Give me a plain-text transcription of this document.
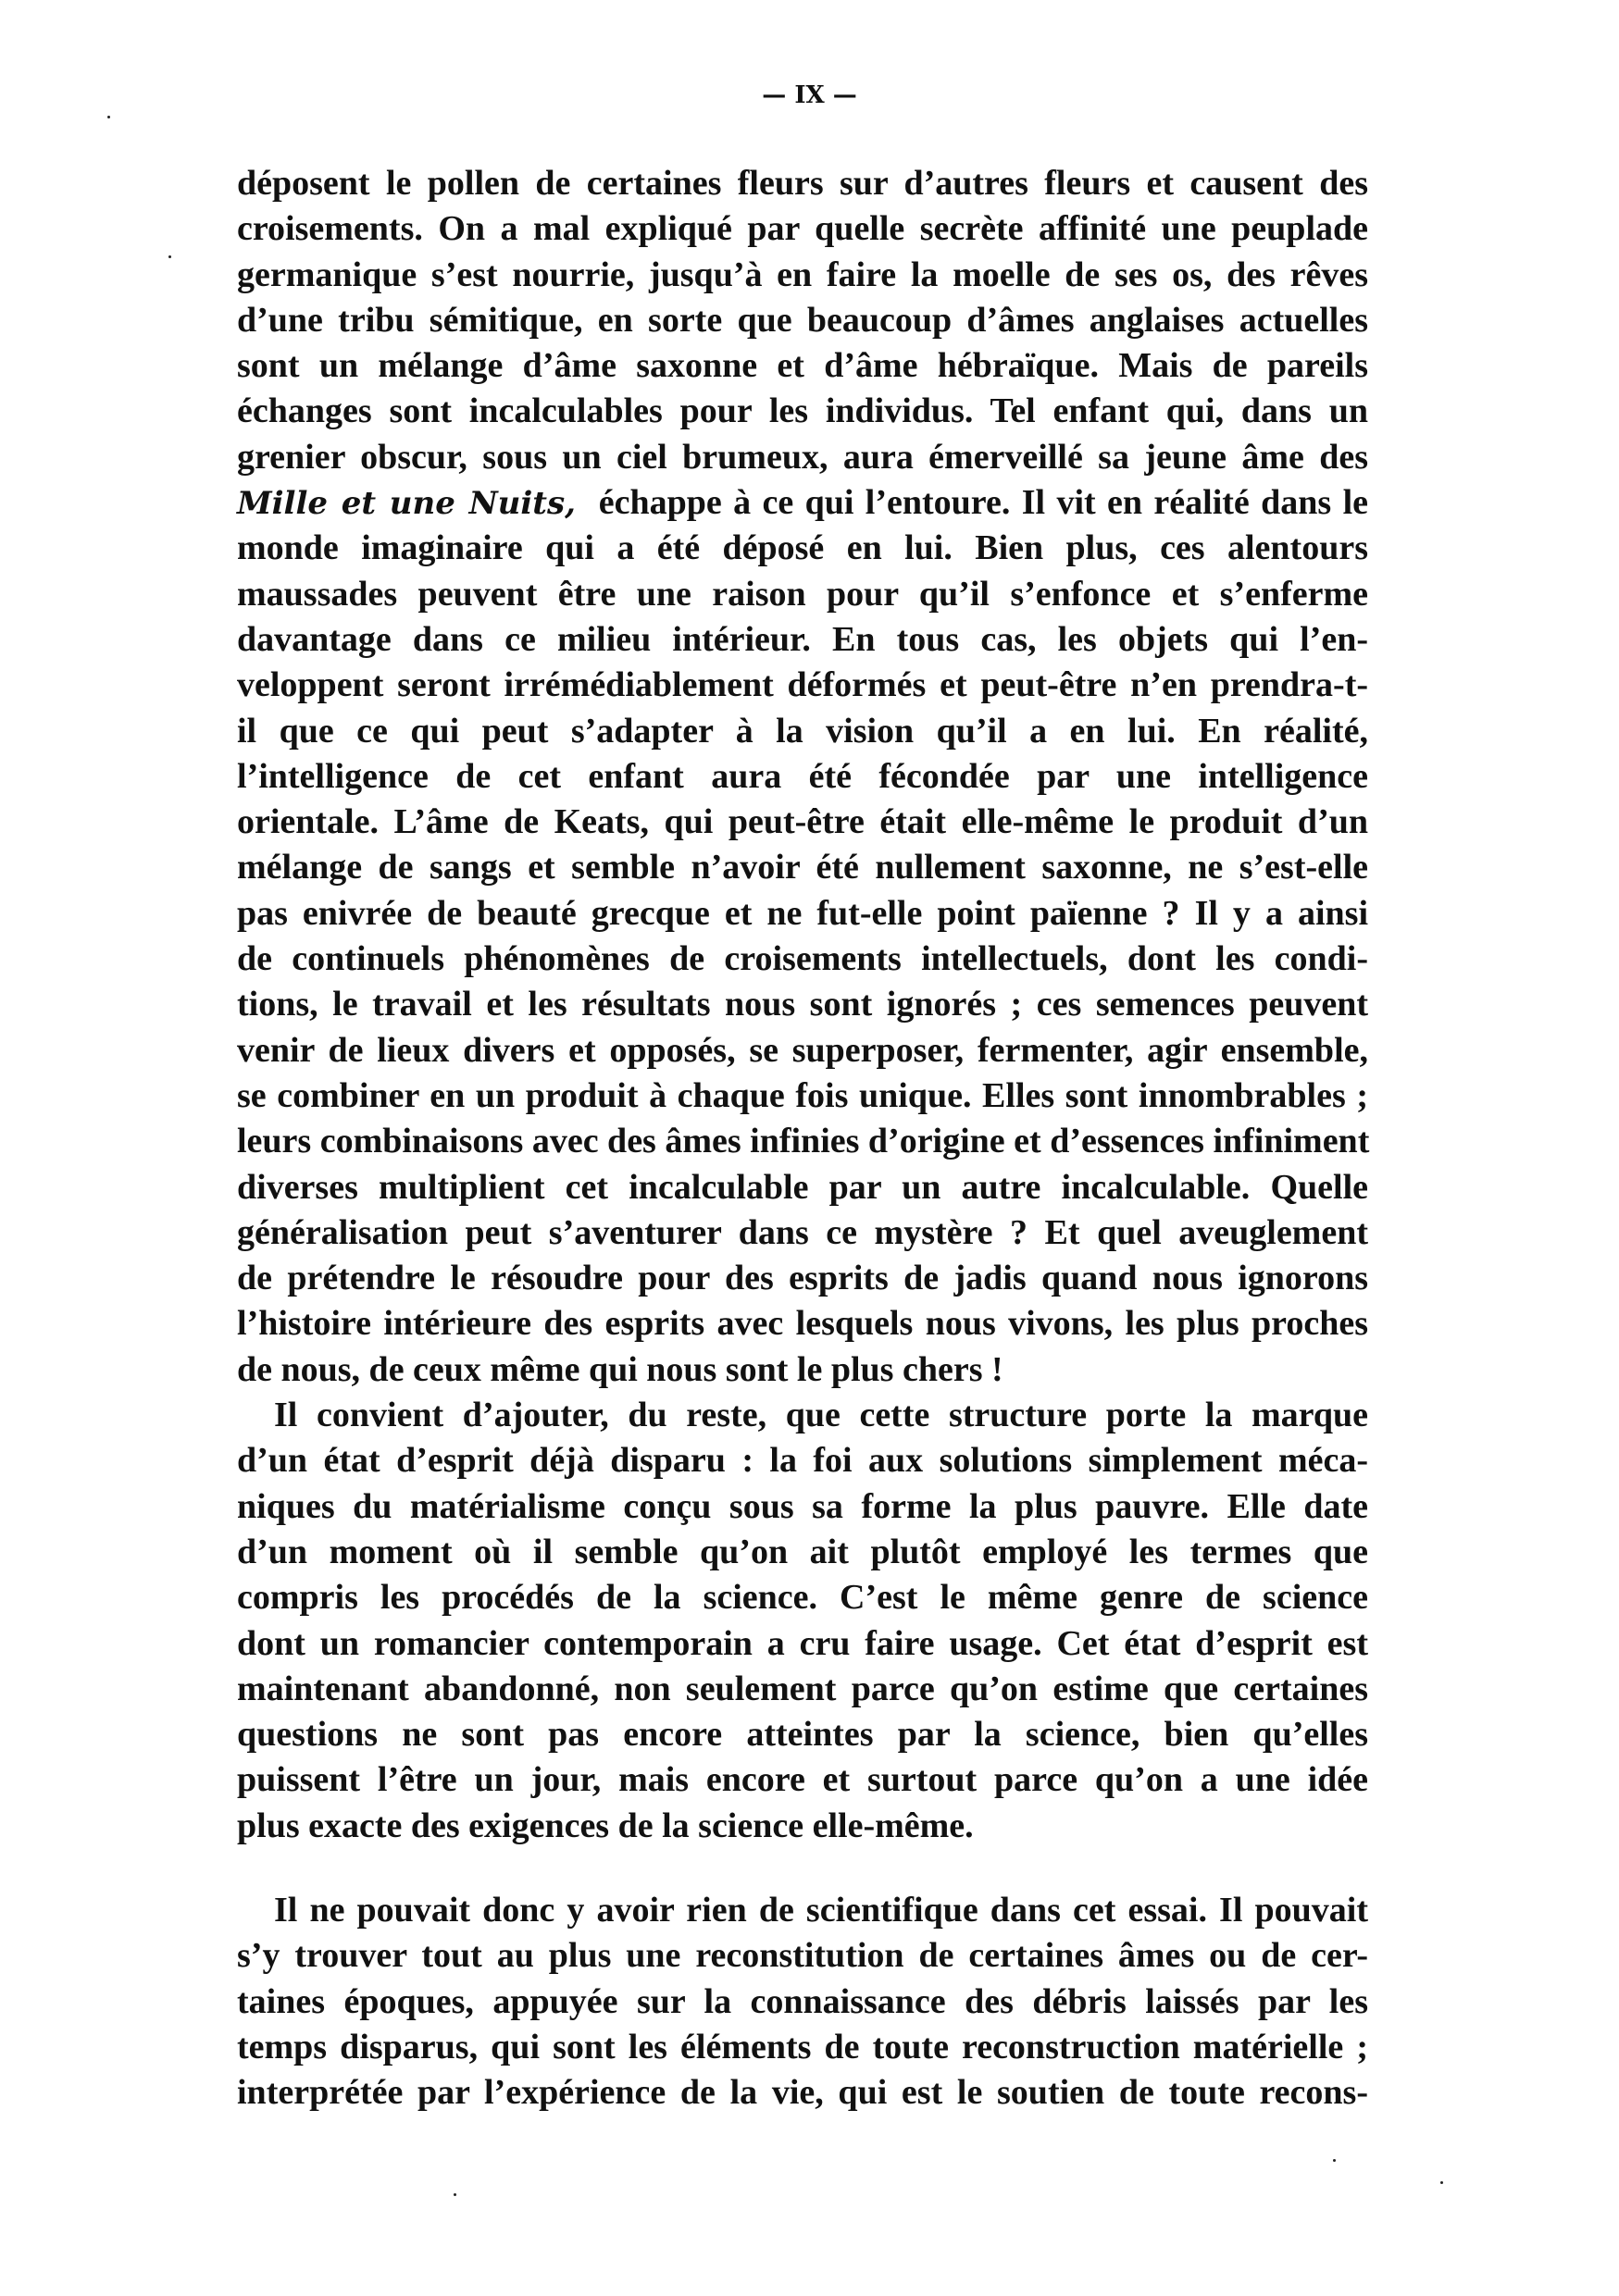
— IX —
déposent le pollen de certaines fleurs sur d’autres fleurs et causent des
croisements. On a mal expliqué par quelle secrète affinité une peuplade
germanique s’est nourrie, jusqu’à en faire la moelle de ses os, des rêves
d’une tribu sémitique, en sorte que beaucoup d’âmes anglaises actuelles
sont un mélange d’âme saxonne et d’âme hébraïque. Mais de pareils
échanges sont incalculables pour les individus. Tel enfant qui, dans un
grenier obscur, sous un ciel brumeux, aura émerveillé sa jeune âme des
Mille et une Nuits, échappe à ce qui l’entoure. Il vit en réalité dans le
monde imaginaire qui a été déposé en lui. Bien plus, ces alentours
maussades peuvent être une raison pour qu’il s’enfonce et s’enferme
davantage dans ce milieu intérieur. En tous cas, les objets qui l’en-
veloppent seront irrémédiablement déformés et peut-être n’en prendra-t-
il que ce qui peut s’adapter à la vision qu’il a en lui. En réalité,
l’intelligence de cet enfant aura été fécondée par une intelligence
orientale. L’âme de Keats, qui peut-être était elle-même le produit d’un
mélange de sangs et semble n’avoir été nullement saxonne, ne s’est-elle
pas enivrée de beauté grecque et ne fut-elle point païenne ? Il y a ainsi
de continuels phénomènes de croisements intellectuels, dont les condi-
tions, le travail et les résultats nous sont ignorés ; ces semences peuvent
venir de lieux divers et opposés, se superposer, fermenter, agir ensemble,
se combiner en un produit à chaque fois unique. Elles sont innombrables ;
leurs combinaisons avec des âmes infinies d’origine et d’essences infiniment
diverses multiplient cet incalculable par un autre incalculable. Quelle
généralisation peut s’aventurer dans ce mystère ? Et quel aveuglement
de prétendre le résoudre pour des esprits de jadis quand nous ignorons
l’histoire intérieure des esprits avec lesquels nous vivons, les plus proches
de nous, de ceux même qui nous sont le plus chers !
Il convient d’ajouter, du reste, que cette structure porte la marque
d’un état d’esprit déjà disparu : la foi aux solutions simplement méca-
niques du matérialisme conçu sous sa forme la plus pauvre. Elle date
d’un moment où il semble qu’on ait plutôt employé les termes que
compris les procédés de la science. C’est le même genre de science
dont un romancier contemporain a cru faire usage. Cet état d’esprit est
maintenant abandonné, non seulement parce qu’on estime que certaines
questions ne sont pas encore atteintes par la science, bien qu’elles
puissent l’être un jour, mais encore et surtout parce qu’on a une idée
plus exacte des exigences de la science elle-même.
Il ne pouvait donc y avoir rien de scientifique dans cet essai. Il pouvait
s’y trouver tout au plus une reconstitution de certaines âmes ou de cer-
taines époques, appuyée sur la connaissance des débris laissés par les
temps disparus, qui sont les éléments de toute reconstruction matérielle ;
interprétée par l’expérience de la vie, qui est le soutien de toute recons-
